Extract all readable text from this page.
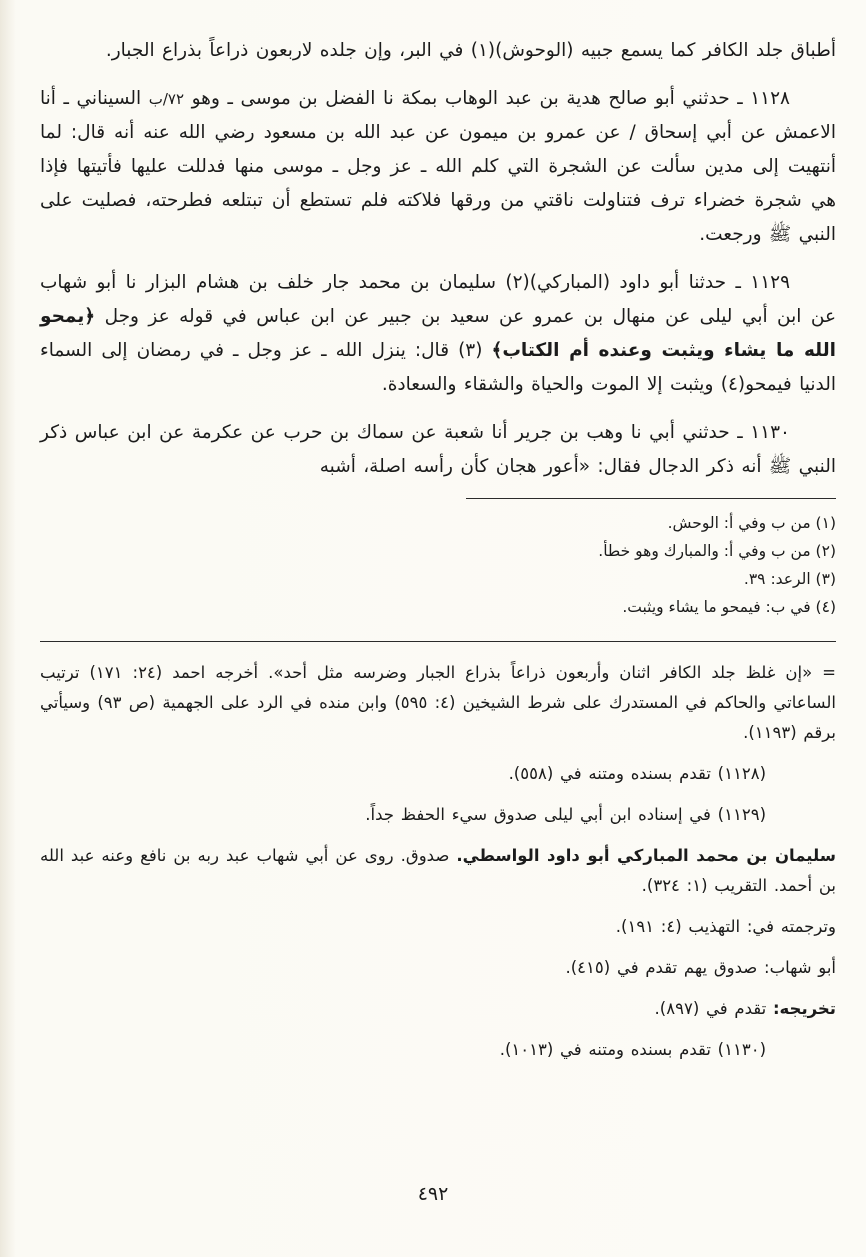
أطباق جلد الكافر كما يسمع جبيه (الوحوش)(١) في البر، وإن جلده لاربعون ذراعاً بذراع الجبار.

١١٢٨ ـ حدثني أبو صالح هدية بن عبد الوهاب بمكة نا الفضل بن موسى ـ وهو ٧٢/ب السيناني ـ أنا الاعمش عن أبي إسحاق / عن عمرو بن ميمون عن عبد الله بن مسعود رضي الله عنه أنه قال: لما أنتهيت إلى مدين سألت عن الشجرة التي كلم الله ـ عز وجل ـ موسى منها فدللت عليها فأتيتها فإذا هي شجرة خضراء ترف فتناولت ناقتي من ورقها فلاكته فلم تستطع أن تبتلعه فطرحته، فصليت على النبي ﷺ ورجعت.

١١٢٩ ـ حدثنا أبو داود (المباركي)(٢) سليمان بن محمد جار خلف بن هشام البزار نا أبو شهاب عن ابن أبي ليلى عن منهال بن عمرو عن سعيد بن جبير عن ابن عباس في قوله عز وجل ﴿يمحو الله ما يشاء ويثبت وعنده أم الكتاب﴾ (٣) قال: ينزل الله ـ عز وجل ـ في رمضان إلى السماء الدنيا فيمحو(٤) ويثبت إلا الموت والحياة والشقاء والسعادة.

١١٣٠ ـ حدثني أبي نا وهب بن جرير أنا شعبة عن سماك بن حرب عن عكرمة عن ابن عباس ذكر النبي ﷺ أنه ذكر الدجال فقال: «أعور هجان كأن رأسه اصلة، أشبه

(١) من ب وفي أ: الوحش.
(٢) من ب وفي أ: والمبارك وهو خطأ.
(٣) الرعد: ٣٩.
(٤) في ب: فيمحو ما يشاء ويثبت.

= «إن غلظ جلد الكافر اثنان وأربعون ذراعاً بذراع الجبار وضرسه مثل أحد». أخرجه احمد (٢٤: ١٧١) ترتيب الساعاتي والحاكم في المستدرك على شرط الشيخين (٤: ٥٩٥) وابن منده في الرد على الجهمية (ص ٩٣) وسيأتي برقم (١١٩٣).

(١١٢٨) تقدم بسنده ومتنه في (٥٥٨).

(١١٢٩) في إسناده ابن أبي ليلى صدوق سيء الحفظ جداً.

سليمان بن محمد المباركي أبو داود الواسطي. صدوق. روى عن أبي شهاب عبد ربه بن نافع وعنه عبد الله بن أحمد. التقريب (١: ٣٢٤).

وترجمته في: التهذيب (٤: ١٩١).

أبو شهاب: صدوق يهم تقدم في (٤١٥).

تخريجه: تقدم في (٨٩٧).

(١١٣٠) تقدم بسنده ومتنه في (١٠١٣).

٤٩٢
